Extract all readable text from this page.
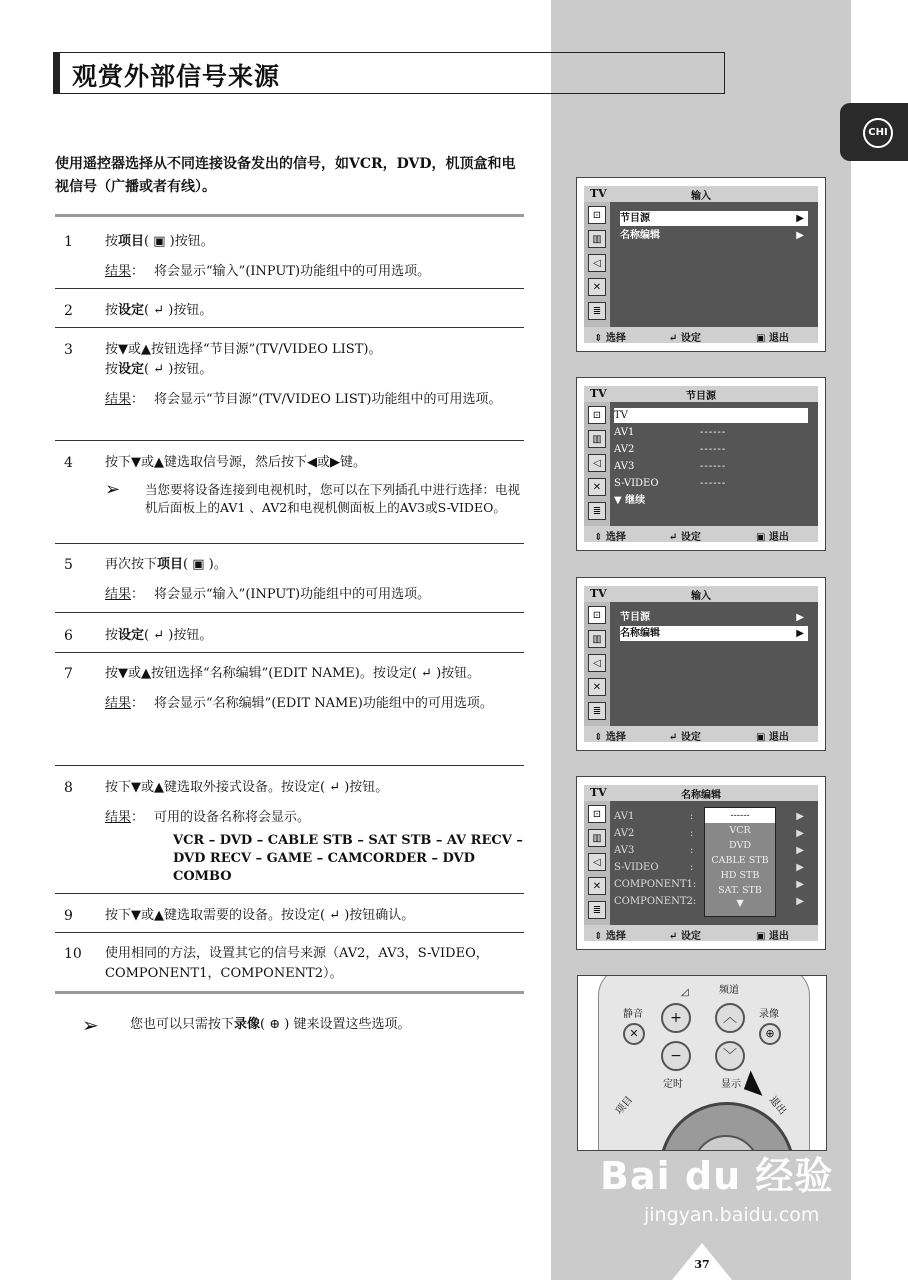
CHI
观赏外部信号来源
使用遥控器选择从不同连接设备发出的信号，如VCR，DVD，机顶盒和电视信号（广播或者有线）。
1 按项目( ▣ )按钮。
结果 ： 将会显示“输入”(INPUT)功能组中的可用选项。
2 按设定( ↵ )按钮。
3 按▼或▲按钮选择“节目源”(TV/VIDEO LIST)。
按设定( ↵ )按钮。
结果 ： 将会显示“节目源”(TV/VIDEO LIST)功能组中的可用选项。
4 按下▼或▲键选取信号源，然后按下◀或▶键。
➢	当您要将设备连接到电视机时，您可以在下列插孔中进行选择：电视机后面板上的AV1 、AV2和电视机侧面板上的AV3或S-VIDEO。
5 再次按下项目( ▣ )。
结果 ： 将会显示“输入”(INPUT)功能组中的可用选项。
6 按设定( ↵ )按钮。
7 按▼或▲按钮选择“名称编辑”(EDIT NAME)。按设定( ↵ )按钮。
结果 ： 将会显示“名称编辑”(EDIT NAME)功能组中的可用选项。
8 按下▼或▲键选取外接式设备。按设定( ↵ )按钮。
结果 ： 可用的设备名称将会显示。
VCR – DVD – CABLE STB – SAT STB – AV RECV – DVD RECV – GAME – CAMCORDER – DVD COMBO
9 按下▼或▲键选取需要的设备。按设定( ↵ )按钮确认。
10 使用相同的方法，设置其它的信号来源（AV2，AV3，S-VIDEO，COMPONENT1，COMPONENT2）。
➢	您也可以只需按下 录像 ( ⊕ ) 键来设置这些选项。
TV	输入
⊡
▥
◁
✕
≣
节目源	▶
名称编辑	▶
⇕ 选择	↵ 设定	▣ 退出
TV	节目源
⊡
▥
◁
✕
≣
TV
AV1	------
AV2	------
AV3	------
S-VIDEO	------
▼ 继续
⇕ 选择	↵ 设定	▣ 退出
TV	输入
⊡
▥
◁
✕
≣
节目源	▶
名称编辑	▶
⇕ 选择	↵ 设定	▣ 退出
TV	名称编辑
⊡
▥
◁
✕
≣
AV1	:	▶
AV2	:	▶
AV3	:	▶
S-VIDEO	:	▶
COMPONENT1:	▶
COMPONENT2:	▶
------
VCR
DVD
CABLE STB
HD STB
SAT. STB
▼
⇕ 选择	↵ 设定	▣ 退出
◿	频道
静音	录像
✕
+
−
︿
﹀
⊕
定时	显示
项目	退出
◣
Bai du 经验
jingyan.baidu.com
37
